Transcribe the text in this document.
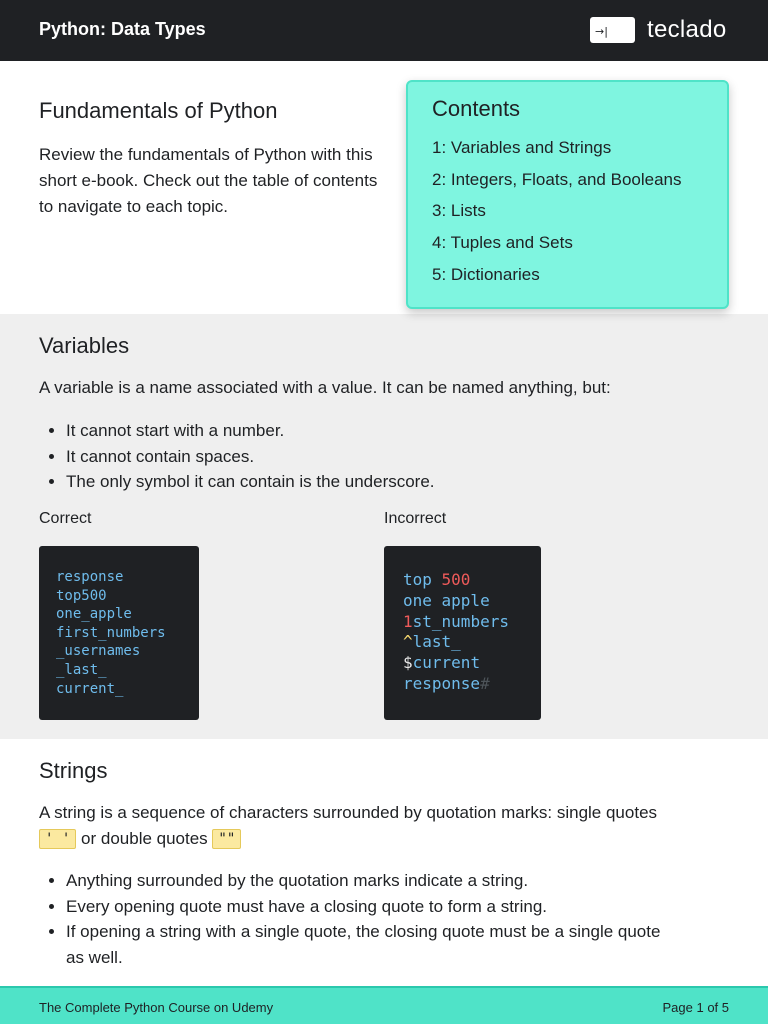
Python: Data Types	→| teclado
Fundamentals of Python

Review the fundamentals of Python with this short e-book. Check out the table of contents to navigate to each topic.

Contents
1: Variables and Strings
2: Integers, Floats, and Booleans
3: Lists
4: Tuples and Sets
5: Dictionaries
Variables

A variable is a name associated with a value. It can be named anything, but:

• It cannot start with a number.
• It cannot contain spaces.
• The only symbol it can contain is the underscore.
Correct	Incorrect
response
top500
one_apple
first_numbers
_usernames
_last_
current_
top 500
one apple
1st_numbers
^last_
$current
response#
Strings

A string is a sequence of characters surrounded by quotation marks: single quotes ' ' or double quotes ""

• Anything surrounded by the quotation marks indicate a string.
• Every opening quote must have a closing quote to form a string.
• If opening a string with a single quote, the closing quote must be a single quote as well.
The Complete Python Course on Udemy	Page 1 of 5
